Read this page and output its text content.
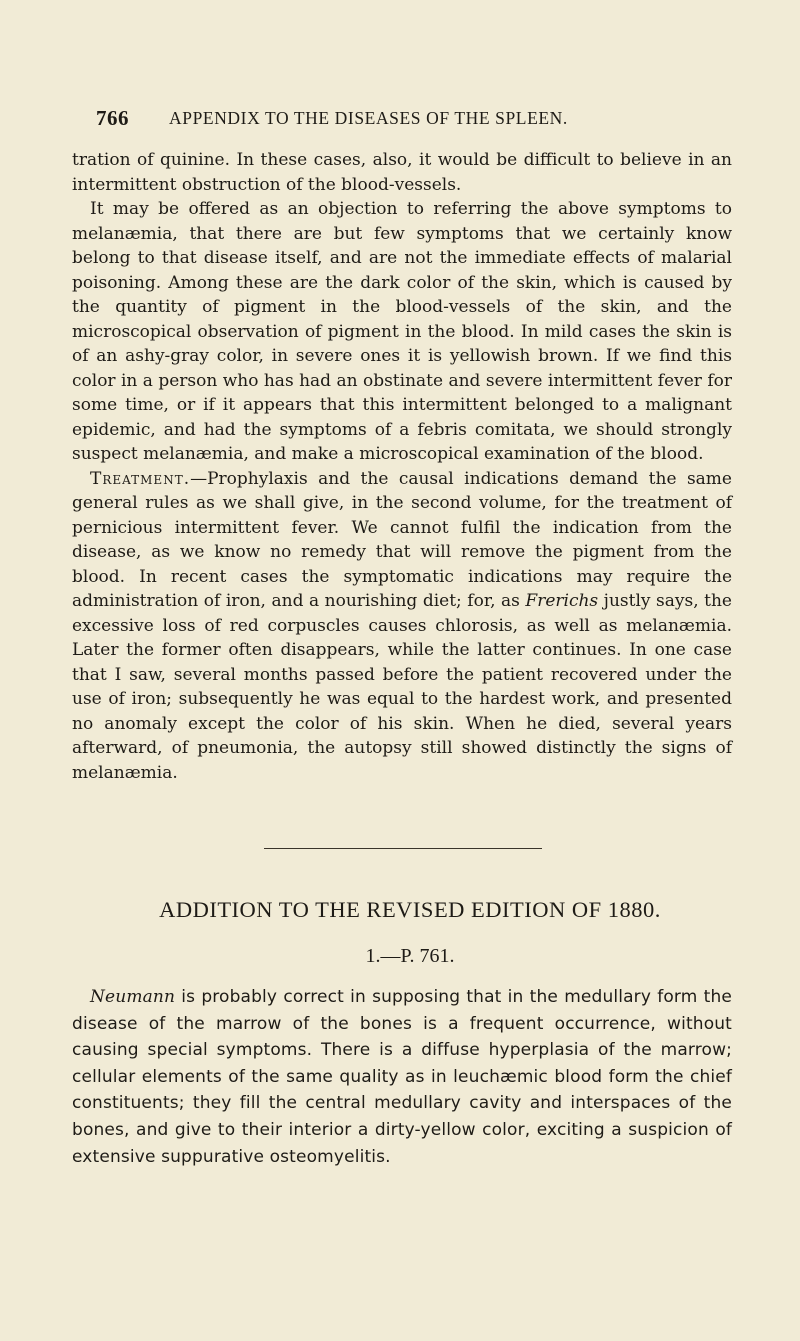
766 APPENDIX TO THE DISEASES OF THE SPLEEN.

tration of quinine. In these cases, also, it would be difficult to believe in an intermittent obstruction of the blood-vessels.

It may be offered as an objection to referring the above symptoms to melanæmia, that there are but few symptoms that we certainly know belong to that disease itself, and are not the immediate effects of malarial poisoning. Among these are the dark color of the skin, which is caused by the quantity of pigment in the blood-vessels of the skin, and the microscopical observation of pigment in the blood. In mild cases the skin is of an ashy-gray color, in severe ones it is yellowish brown. If we find this color in a person who has had an obstinate and severe intermittent fever for some time, or if it appears that this intermittent belonged to a malignant epidemic, and had the symptoms of a febris comitata, we should strongly suspect melanæmia, and make a microscopical examination of the blood.

Treatment.—Prophylaxis and the causal indications demand the same general rules as we shall give, in the second volume, for the treatment of pernicious intermittent fever. We cannot fulfil the indication from the disease, as we know no remedy that will remove the pigment from the blood. In recent cases the symptomatic indications may require the administration of iron, and a nourishing diet; for, as Frerichs justly says, the excessive loss of red corpuscles causes chlorosis, as well as melanæmia. Later the former often disappears, while the latter continues. In one case that I saw, several months passed before the patient recovered under the use of iron; subsequently he was equal to the hardest work, and presented no anomaly except the color of his skin. When he died, several years afterward, of pneumonia, the autopsy still showed distinctly the signs of melanæmia.

ADDITION TO THE REVISED EDITION OF 1880.
1.—P. 761.

Neumann is probably correct in supposing that in the medullary form the disease of the marrow of the bones is a frequent occurrence, without causing special symptoms. There is a diffuse hyperplasia of the marrow; cellular elements of the same quality as in leuchæmic blood form the chief constituents; they fill the central medullary cavity and interspaces of the bones, and give to their interior a dirty-yellow color, exciting a suspicion of extensive suppurative osteomyelitis.
